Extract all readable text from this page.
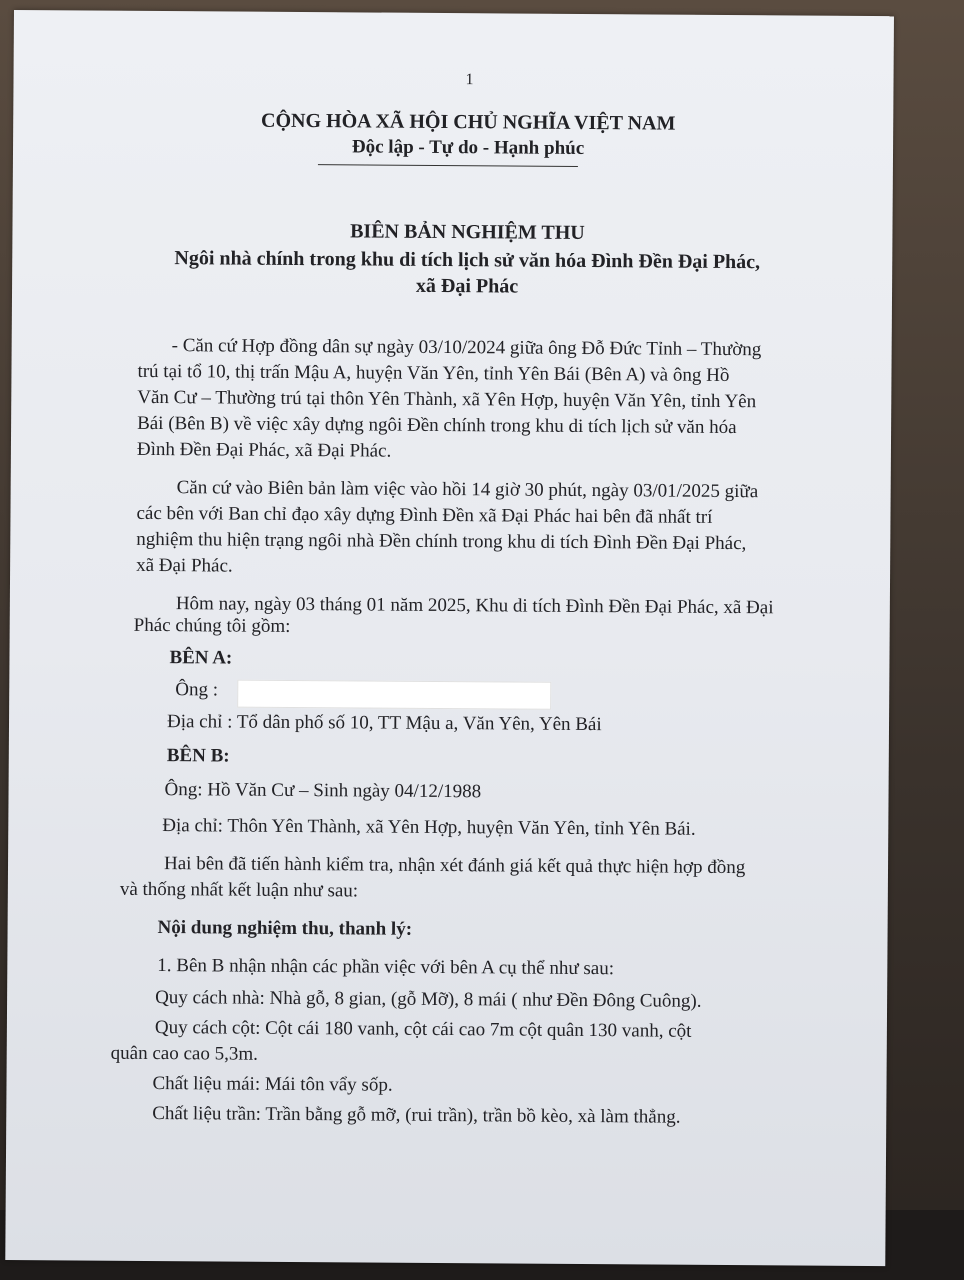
1
CỘNG HÒA XÃ HỘI CHỦ NGHĨA VIỆT NAM
Độc lập - Tự do - Hạnh phúc
BIÊN BẢN NGHIỆM THU
Ngôi nhà chính trong khu di tích lịch sử văn hóa Đình Đền Đại Phác,
xã Đại Phác
- Căn cứ Hợp đồng dân sự ngày 03/10/2024 giữa ông Đỗ Đức Tỉnh – Thường
trú tại tổ 10, thị trấn Mậu A, huyện Văn Yên, tỉnh Yên Bái (Bên A) và ông Hồ
Văn Cư – Thường trú tại thôn Yên Thành, xã Yên Hợp, huyện Văn Yên, tỉnh Yên
Bái (Bên B) về việc xây dựng ngôi Đền chính trong khu di tích lịch sử văn hóa
Đình Đền Đại Phác, xã Đại Phác.
Căn cứ vào Biên bản làm việc vào hồi 14 giờ 30 phút, ngày 03/01/2025 giữa
các bên với Ban chỉ đạo xây dựng Đình Đền xã Đại Phác hai bên đã nhất trí
nghiệm thu hiện trạng ngôi nhà Đền chính trong khu di tích Đình Đền Đại Phác,
xã Đại Phác.
Hôm nay, ngày 03 tháng 01 năm 2025, Khu di tích Đình Đền Đại Phác, xã Đại
Phác chúng tôi gồm:
BÊN A:
Ông :
Địa chỉ : Tổ dân phố số 10, TT Mậu a, Văn Yên, Yên Bái
BÊN B:
Ông: Hồ Văn Cư – Sinh ngày 04/12/1988
Địa chỉ: Thôn Yên Thành, xã Yên Hợp, huyện Văn Yên, tỉnh Yên Bái.
Hai bên đã tiến hành kiểm tra, nhận xét đánh giá kết quả thực hiện hợp đồng
và thống nhất kết luận như sau:
Nội dung nghiệm thu, thanh lý:
1. Bên B nhận nhận các phần việc với bên A cụ thể như sau:
Quy cách nhà: Nhà gỗ, 8 gian, (gỗ Mỡ), 8 mái ( như Đền Đông Cuông).
Quy cách cột: Cột cái 180 vanh, cột cái cao 7m cột quân 130 vanh, cột
quân cao cao 5,3m.
Chất liệu mái: Mái tôn vẩy sốp.
Chất liệu trần: Trần bằng gỗ mỡ, (rui trần), trần bồ kèo, xà làm thẳng.
